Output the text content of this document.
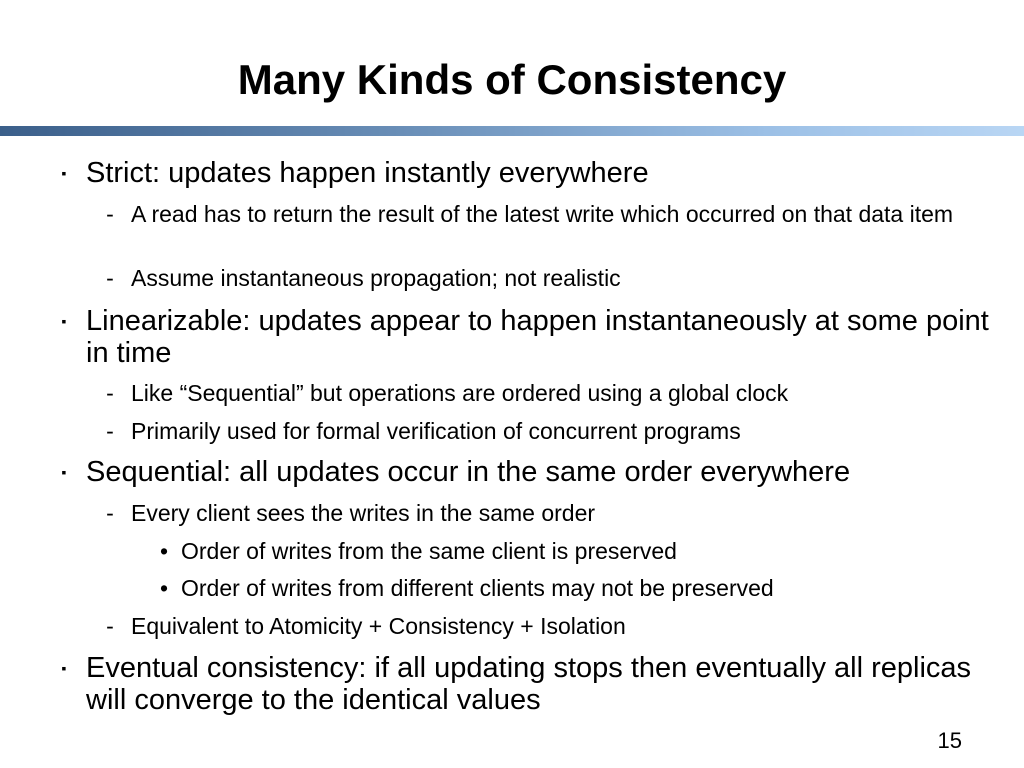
Many Kinds of Consistency
▪ Strict: updates happen instantly everywhere
- A read has to return the result of the latest write which occurred on that data item
- Assume instantaneous propagation; not realistic
▪ Linearizable: updates appear to happen instantaneously at some point in time
- Like “Sequential” but operations are ordered using a global clock
- Primarily used for formal verification of concurrent programs
▪ Sequential: all updates occur in the same order everywhere
- Every client sees the writes in the same order
• Order of writes from the same client is preserved
• Order of writes from different clients may not be preserved
- Equivalent to Atomicity + Consistency + Isolation
▪ Eventual consistency: if all updating stops then eventually all replicas will converge to the identical values
15
